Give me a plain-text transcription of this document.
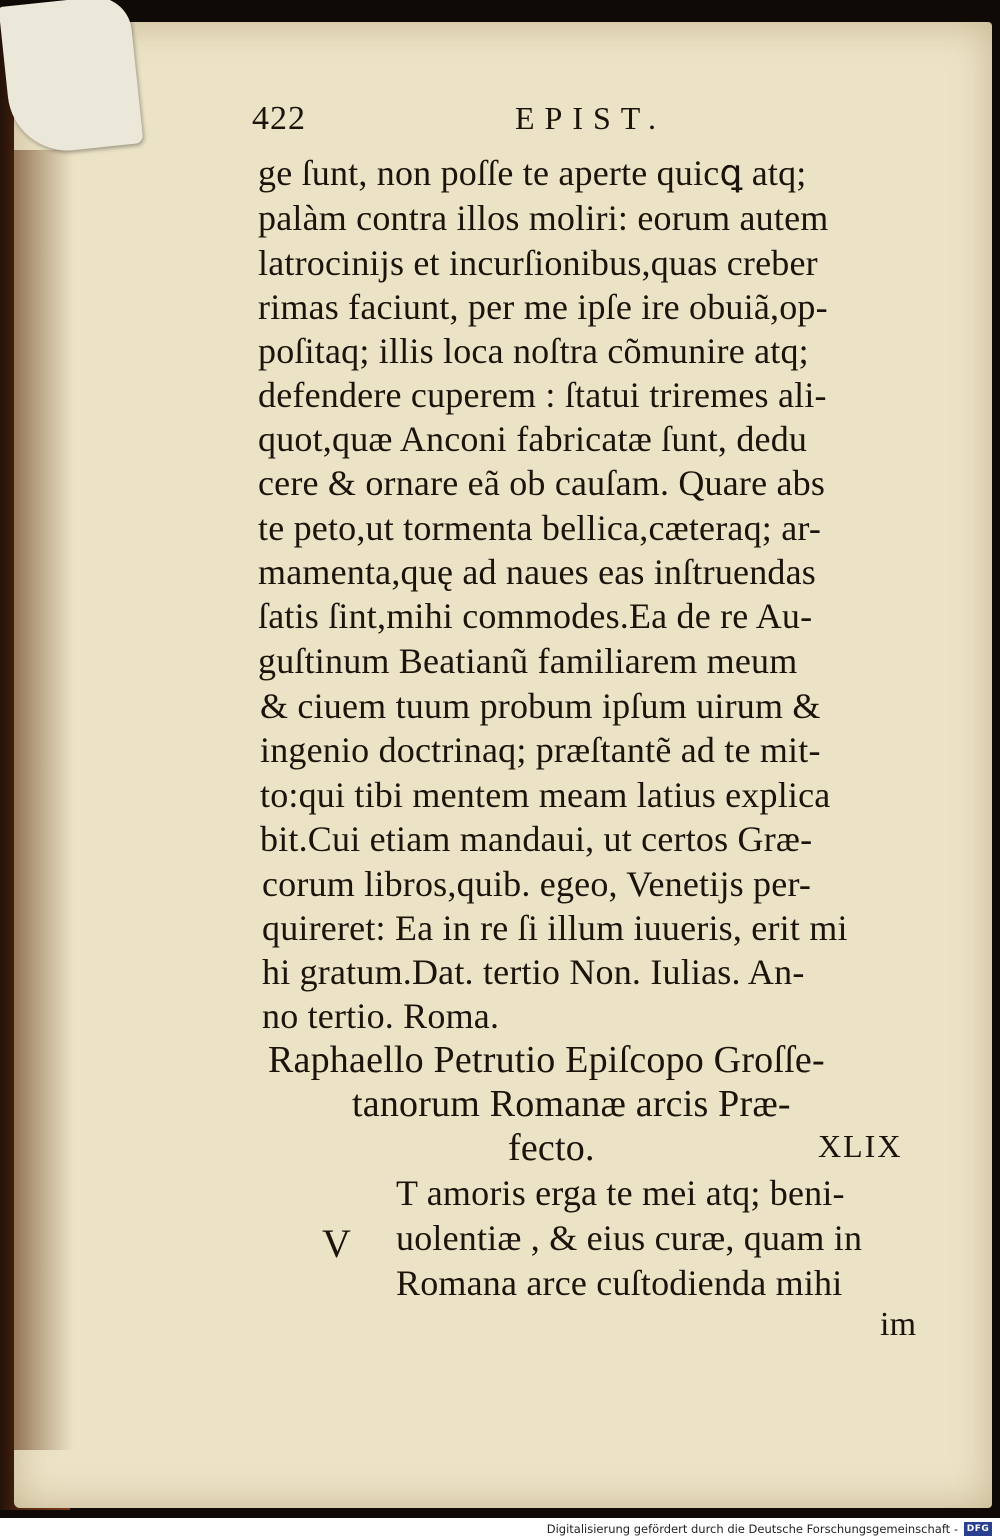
422	EPIST.

ge ſunt, non poſſe te aperte quicꝗ atq;

palàm contra illos moliri: eorum autem

latrocinijs et incurſionibus,quas creber

rimas faciunt, per me ipſe ire obuiã,op-

poſitaq; illis loca noſtra cõmunire atq;

defendere cuperem : ſtatui triremes ali-

quot,quæ Anconi fabricatæ ſunt, dedu

cere & ornare eã ob cauſam. Quare abs

te peto,ut tormenta bellica,cæteraq; ar-

mamenta,quę ad naues eas inſtruendas

ſatis ſint,mihi commodes.Ea de re Au-

guſtinum Beatianũ familiarem meum

& ciuem tuum probum ipſum uirum &

ingenio doctrinaq; præſtantẽ ad te mit-

to:qui tibi mentem meam latius explica

bit.Cui etiam mandaui, ut certos Græ-

corum libros,quib. egeo, Venetijs per-

quireret: Ea in re ſi illum iuueris, erit mi

hi gratum.Dat. tertio Non. Iulias. An-

no tertio. Roma.

Raphaello Petrutio Epiſcopo Groſſe-

tanorum Romanæ arcis Præ-

fecto.	XLIX

T amoris erga te mei atq; beni-

V uolentiæ , & eius curæ, quam in

Romana arce cuſtodienda mihi

im

Digitalisierung gefördert durch die Deutsche Forschungsgemeinschaft - DFG
